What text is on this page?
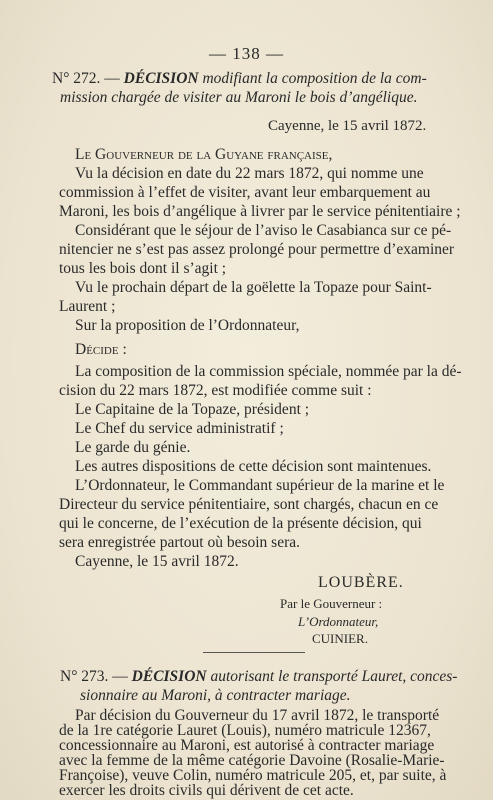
— 138 —
N° 272. — DÉCISION modifiant la composition de la com-
mission chargée de visiter au Maroni le bois d’angélique.
Cayenne, le 15 avril 1872.
Le Gouverneur de la Guyane française,
Vu la décision en date du 22 mars 1872, qui nomme une
commission à l’effet de visiter, avant leur embarquement au
Maroni, les bois d’angélique à livrer par le service pénitentiaire ;
Considérant que le séjour de l’aviso le Casabianca sur ce pé-
nitencier ne s’est pas assez prolongé pour permettre d’examiner
tous les bois dont il s’agit ;
Vu le prochain départ de la goëlette la Topaze pour Saint-
Laurent ;
Sur la proposition de l’Ordonnateur,
Décide :
La composition de la commission spéciale, nommée par la dé-
cision du 22 mars 1872, est modifiée comme suit :
Le Capitaine de la Topaze, président ;
Le Chef du service administratif ;
Le garde du génie.
Les autres dispositions de cette décision sont maintenues.
L’Ordonnateur, le Commandant supérieur de la marine et le
Directeur du service pénitentiaire, sont chargés, chacun en ce
qui le concerne, de l’exécution de la présente décision, qui
sera enregistrée partout où besoin sera.
Cayenne, le 15 avril 1872.
LOUBÈRE.
Par le Gouverneur :
L’Ordonnateur,
CUINIER.
N° 273. — DÉCISION autorisant le transporté Lauret, conces-
sionnaire au Maroni, à contracter mariage.
Par décision du Gouverneur du 17 avril 1872, le transporté
de la 1re catégorie Lauret (Louis), numéro matricule 12367,
concessionnaire au Maroni, est autorisé à contracter mariage
avec la femme de la même catégorie Davoine (Rosalie-Marie-
Françoise), veuve Colin, numéro matricule 205, et, par suite, à
exercer les droits civils qui dérivent de cet acte.
